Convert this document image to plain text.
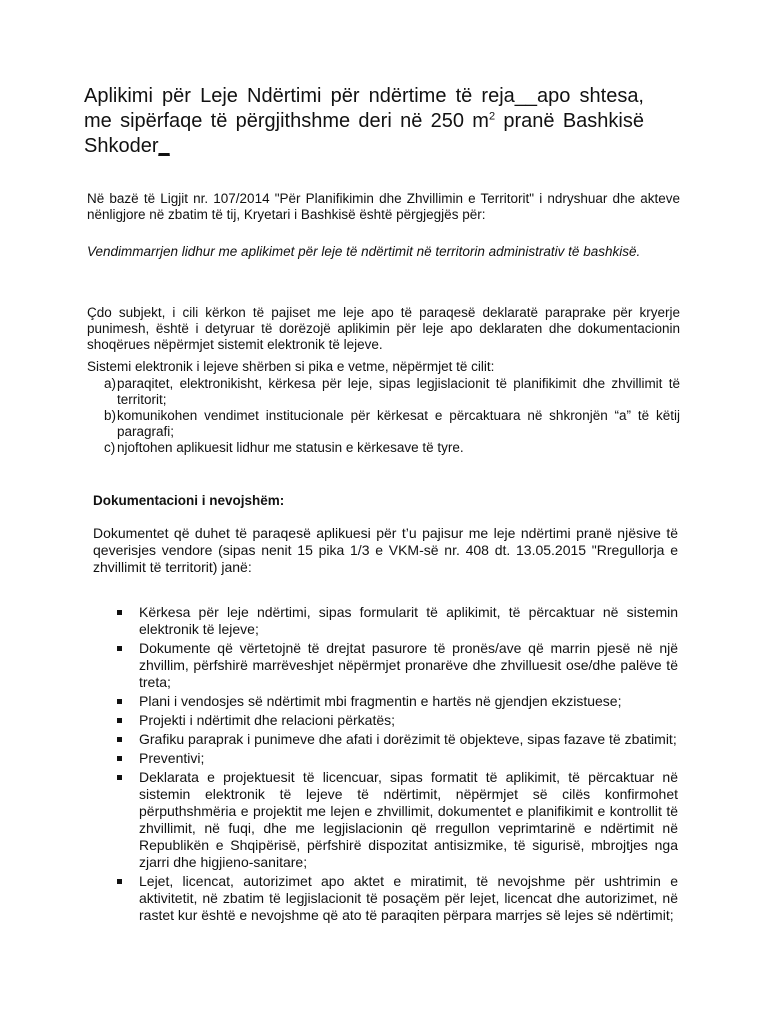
Aplikimi për Leje Ndërtimi për ndërtime të reja__apo shtesa, me sipërfaqe të përgjithshme deri në 250 $m^2$ pranë Bashkisë Shkoder_

Në bazë të Ligjit nr. 107/2014 "Për Planifikimin dhe Zhvillimin e Territorit" i ndryshuar dhe akteve nënligjore në zbatim të tij, Kryetari i Bashkisë është përgjegjës për:

Vendimmarrjen lidhur me aplikimet për leje të ndërtimit në territorin administrativ të bashkisë.

Çdo subjekt, i cili kërkon të pajiset me leje apo të paraqesë deklaratë paraprake për kryerje punimesh, është i detyruar të dorëzojë aplikimin për leje apo deklaraten dhe dokumentacionin shoqërues nëpërmjet sistemit elektronik të lejeve.

Sistemi elektronik i lejeve shërben si pika e vetme, nëpërmjet të cilit:

a) paraqitet, elektronikisht, kërkesa për leje, sipas legjislacionit të planifikimit dhe zhvillimit të territorit;
b) komunikohen vendimet institucionale për kërkesat e përcaktuara në shkronjën “a” të këtij paragrafi;
c) njoftohen aplikuesit lidhur me statusin e kërkesave të tyre.
Dokumentacioni i nevojshëm:

Dokumentet që duhet të paraqesë aplikuesi për t’u pajisur me leje ndërtimi pranë njësive të qeverisjes vendore (sipas nenit 15 pika 1/3 e VKM-së nr. 408 dt. 13.05.2015 "Rregullorja e zhvillimit të territorit) janë:

Kërkesa për leje ndërtimi, sipas formularit të aplikimit, të përcaktuar në sistemin elektronik të lejeve;
Dokumente që vërtetojnë të drejtat pasurore të pronës/ave që marrin pjesë në një zhvillim, përfshirë marrëveshjet nëpërmjet pronarëve dhe zhvilluesit ose/dhe palëve të treta;
Plani i vendosjes së ndërtimit mbi fragmentin e hartës në gjendjen ekzistuese;
Projekti i ndërtimit dhe relacioni përkatës;
Grafiku paraprak i punimeve dhe afati i dorëzimit të objekteve, sipas fazave të zbatimit;
Preventivi;
Deklarata e projektuesit të licencuar, sipas formatit të aplikimit, të përcaktuar në sistemin elektronik të lejeve të ndërtimit, nëpërmjet së cilës konfirmohet përputhshmëria e projektit me lejen e zhvillimit, dokumentet e planifikimit e kontrollit të zhvillimit, në fuqi, dhe me legjislacionin që rregullon veprimtarinë e ndërtimit në Republikën e Shqipërisë, përfshirë dispozitat antisizmike, të sigurisë, mbrojtjes nga zjarri dhe higjieno-sanitare;
Lejet, licencat, autorizimet apo aktet e miratimit, të nevojshme për ushtrimin e aktivitetit, në zbatim të legjislacionit të posaçëm për lejet, licencat dhe autorizimet, në rastet kur është e nevojshme që ato të paraqiten përpara marrjes së lejes së ndërtimit;
